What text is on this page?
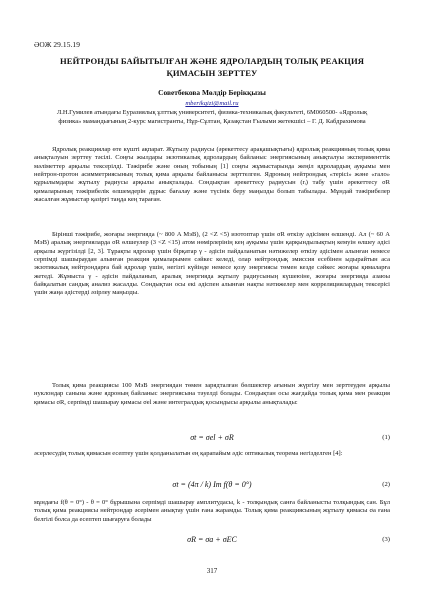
ӘОЖ 29.15.19
НЕЙТРОНДЫ БАЙЫТЫЛҒАН ЖӘНЕ ЯДРОЛАРДЫҢ ТОЛЫҚ РЕАКЦИЯ ҚИМАСЫН ЗЕРТТЕУ
Советбекова Мөлдір Берікқызы
mberikqizi@mail.ru
Л.Н.Гумилев атындағы Еуразиялық ұлттық университеті, физика-техникалық факультеті, 6M060500- «Ядролық физика» мамандығының 2-курс магистранты, Нұр-Сұлтан, Қазақстан Ғылыми жетекшісі – Г. Д. Кабдрахимова

Ядролық реакциялар өте күшті ақпарат. Жұтылу радиусы (әрекеттесу арақашықтығы) ядролық реакцияның толық қима анықталуын зерттеу тәсілі. Соңғы жылдары экзотикалық ядролардың байланыс энергиясының анықталуы эксперименттік мәліметтер арқылы тексерілді. Тәжірибе және оның тобының [1] соңғы жұмыстарында жеңіл ядролардың ауқымы мен нейтрон-протон асимметриясының толық қима арқылы байланысы зерттелген. Ядроның нейтрондық «терісі» және «гало» құрылымдары жұтылу радиусы арқылы анықталады. Сондықтан әрекеттесу радиусын (rᵢ) табу үшін әрекеттесу σR қималарының тәжірибелік өлшемдерін дұрыс бағалау және түсінік беру маңызды болып табылады. Мұндай тәжірибелер жасалған жұмыстар қазіргі таңда кең тараған.

Бірінші тәжірибе, жоғары энергияда (~ 800 A МэВ), (2 <Z <5) изотоптар үшін σR өткізу әдісімен өлшенді. Ал (~ 60 A МэВ) аралық энергияларда σR өлшеулер (3 <Z <15) атом нөмірлерінің кең ауқымы үшін қарқындылықтың кемуін өлшеу әдісі арқылы жүргізілді [2, 3]. Тұрақты ядролар үшін бірқатар γ - әдісін пайдаланатын нәтижелер өткізу әдісімен алынған немесе серпімді шашыраудан алынған реакция қималарымен сәйкес келеді, олар нейтрондық эмиссия есебінен ыдырайтын аса экзотикалық нейтрондарға бай ядролар үшін, негізгі күйінде немесе қозу энергиясы төмен кезде сәйкес жоғары қималарға жетеді. Жұмыста γ - әдісін пайдаланып, аралық энергияда жұтылу радиусының күшеюіне, жоғары энергияда азаюы байқалатын сандық анализ жасалды. Сондықтан осы екі әдіспен алынған нақты нәтижелер мен корреляциялардың тексерісі үшін жаңа әдістерді әзірлеу маңызды.

Толық қима реакциясы 100 МэВ энергиядан төмен зарядталған бөлшектер ағынын жүргізу мен зерттеуден арқылы нуклондар санына және ядроның байланыс энергиясына тәуелді болады. Сондықтан осы жағдайда толық қима мен реакция қимасы σR, серпімді шашырау қимасы σel және интегралдық қосындысы арқылы анықталады:

σt = σel + σR	(1)

әсерлесудің толық қимасын есептеу үшін қолданылатын ең қарапайым әдіс оптикалық теорема негізделген [4]:

σt = (4π / k) Im f(θ = 0°)	(2)

мұндағы f(θ = 0°) - θ = 0° бұрышына серпімді шашырау амплитудасы, k - толқындық санға байланысты толқындық сан. Бұл толық қима реакциясы нейтрондар әсерімен анықтау үшін ғана жарамды. Толық қима реакциясының жұтылу қимасы σa ғана белгілі болса да есептеп шығаруға болады

σR = σa + σEC	(3)
317
